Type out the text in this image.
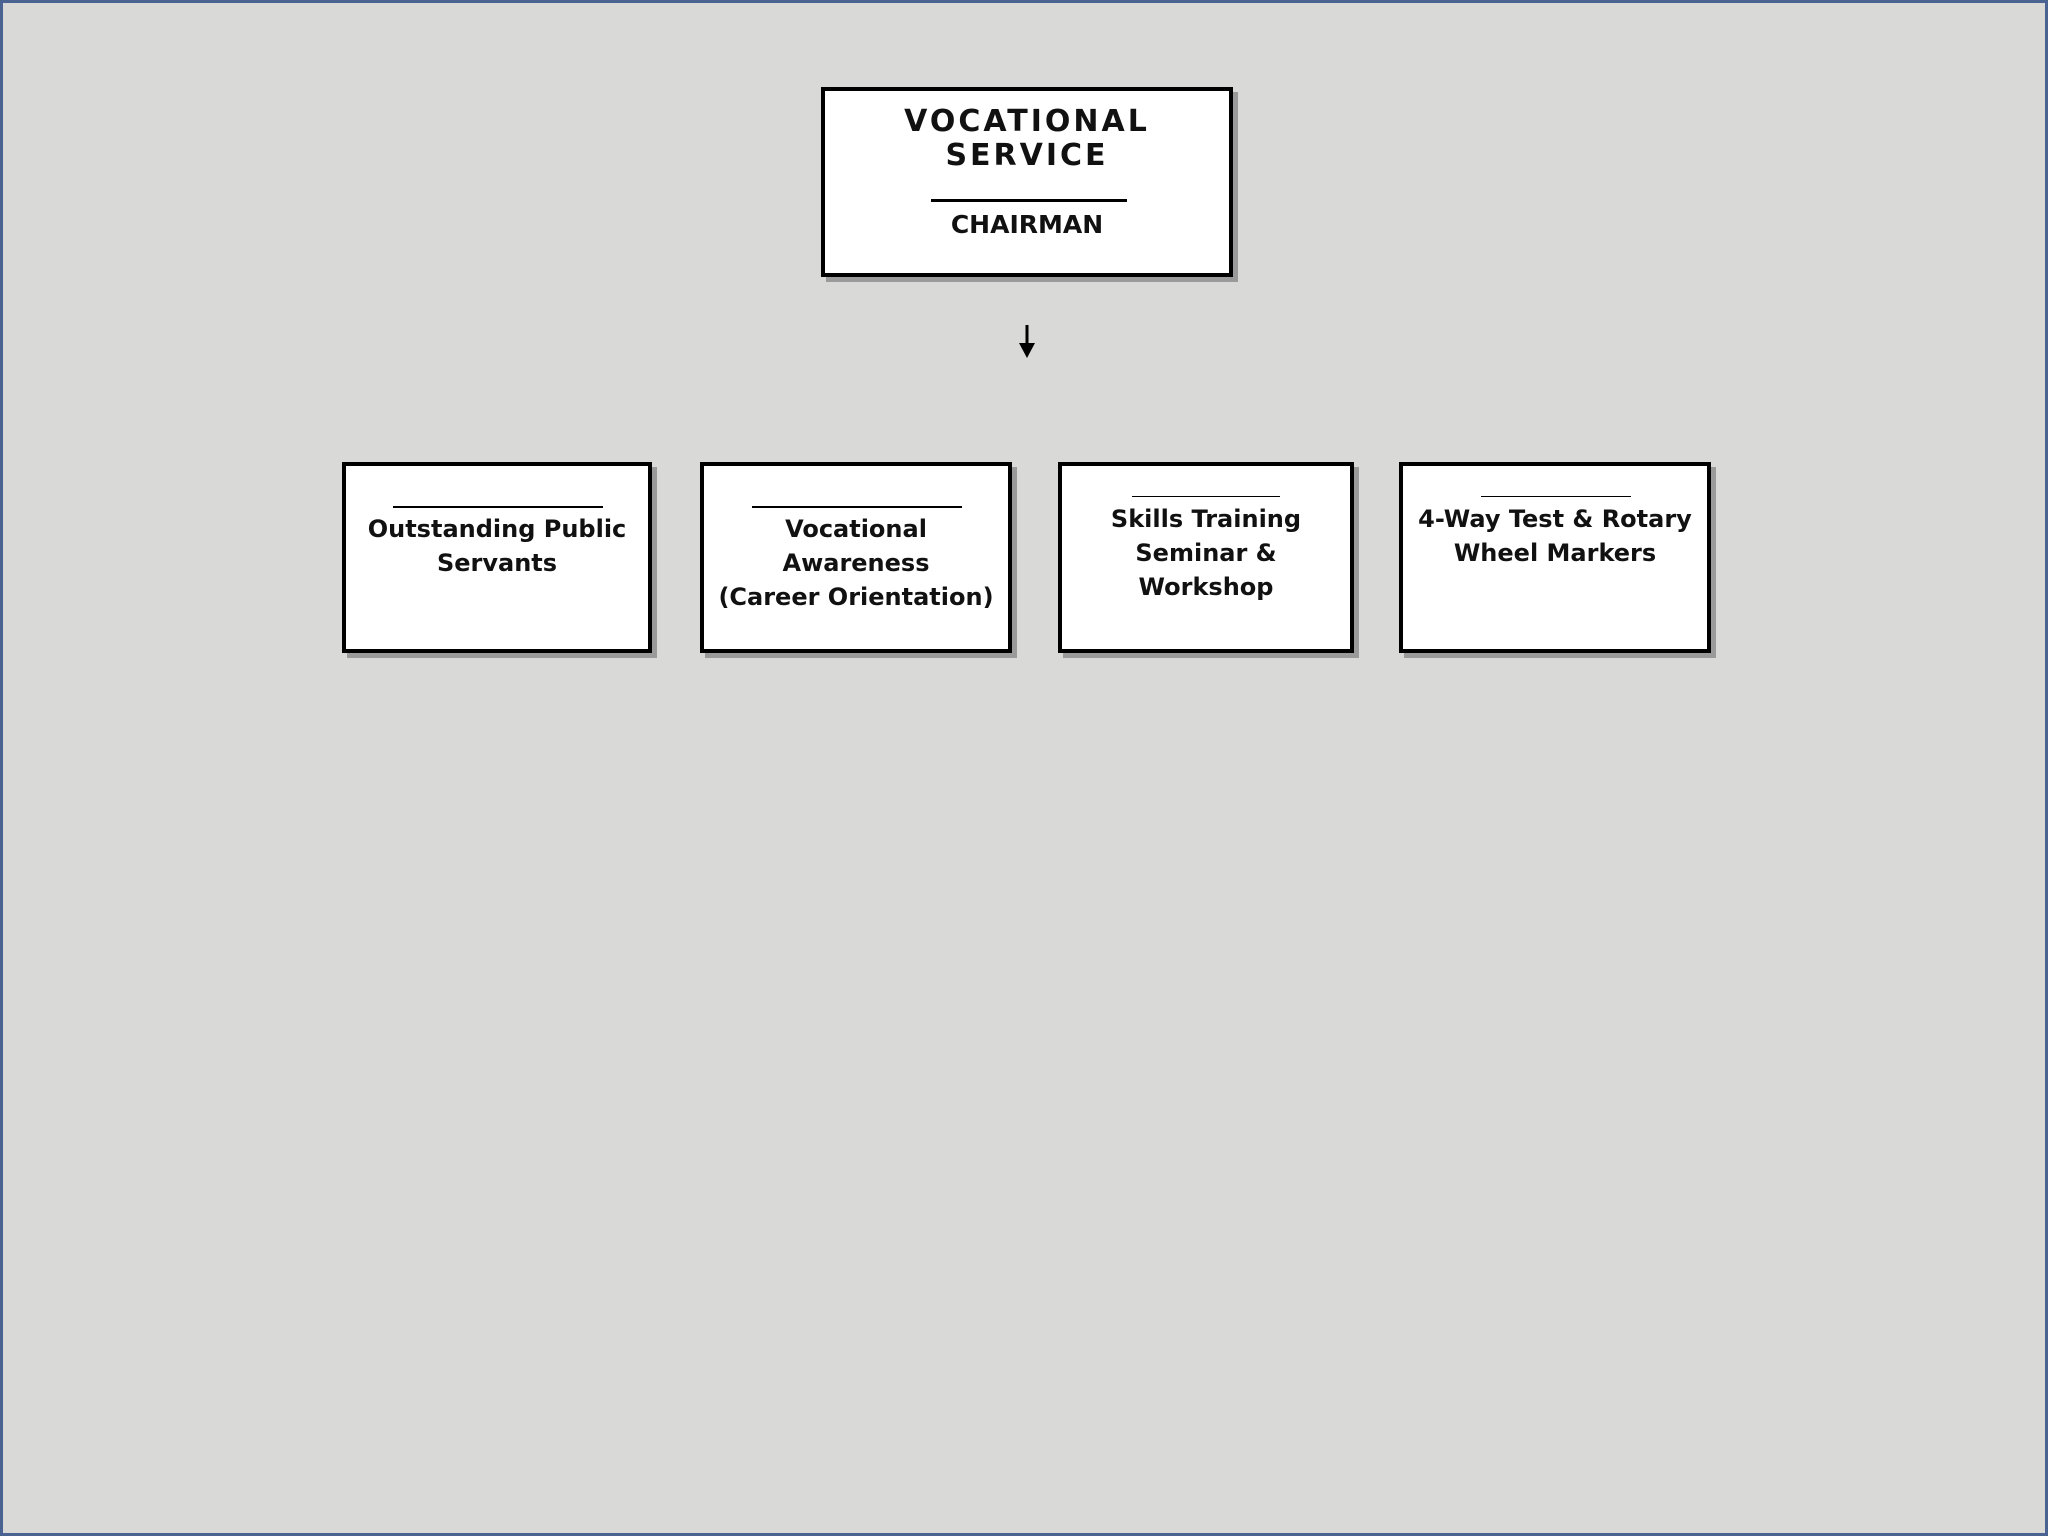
VOCATIONAL
SERVICE
CHAIRMAN
Outstanding Public
Servants
Vocational Awareness
(Career Orientation)
Skills Training
Seminar &
Workshop
4-Way Test & Rotary
Wheel Markers
